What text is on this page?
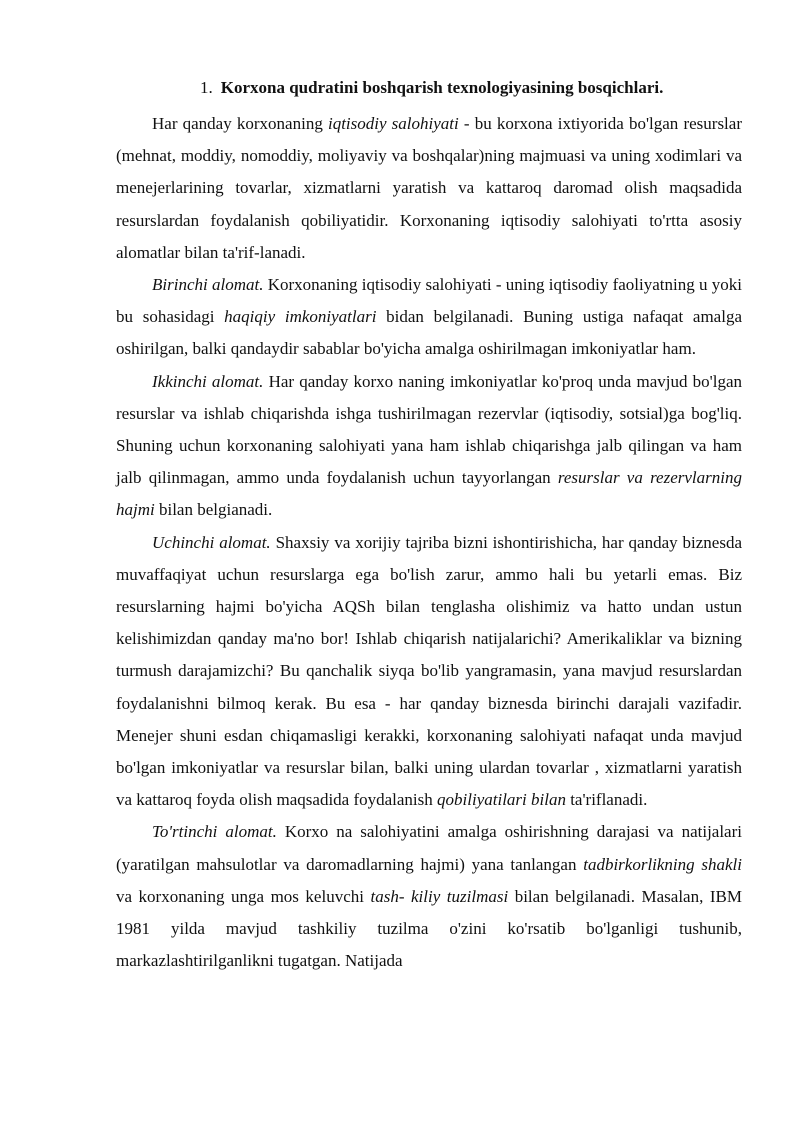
1. Korxona qudratini boshqarish texnologiyasining bosqichlari.

Har qanday korxonaning iqtisodiy salohiyati - bu korxona ixtiyorida bo'lgan resurslar (mehnat, moddiy, nomoddiy, moliyaviy va boshqalar)ning majmuasi va uning xodimlari va menejerlarining tovarlar, xizmatlarni yaratish va kattaroq daromad olish maqsadida resurslardan foydalanish qobiliyatidir. Korxonaning iqtisodiy salohiyati to'rtta asosiy alomatlar bilan ta'rif-lanadi.

Birinchi alomat. Korxonaning iqtisodiy salohiyati - uning iqtisodiy faoliyatning u yoki bu sohasidagi haqiqiy imkoniyatlari bidan belgilanadi. Buning ustiga nafaqat amalga oshirilgan, balki qandaydir sabablar bo'yicha amalga oshirilmagan imkoniyatlar ham.

Ikkinchi alomat. Har qanday korxo naning imkoniyatlar ko'proq unda mavjud bo'lgan resurslar va ishlab chiqarishda ishga tushirilmagan rezervlar (iqtisodiy, sotsial)ga bog'liq. Shuning uchun korxonaning salohiyati yana ham ishlab chiqarishga jalb qilingan va ham jalb qilinmagan, ammo unda foydalanish uchun tayyorlangan resurslar va rezervlarning hajmi bilan belgianadi.

Uchinchi alomat. Shaxsiy va xorijiy tajriba bizni ishontirishicha, har qanday biznesda muvaffaqiyat uchun resurslarga ega bo'lish zarur, ammo hali bu yetarli emas. Biz resurslarning hajmi bo'yicha AQSh bilan tenglasha olishimiz va hatto undan ustun kelishimizdan qanday ma'no bor! Ishlab chiqarish natijalarichi? Amerikaliklar va bizning turmush darajamizchi? Bu qanchalik siyqa bo'lib yangramasin, yana mavjud resurslardan foydalanishni bilmoq kerak. Bu esa - har qanday biznesda birinchi darajali vazifadir. Menejer shuni esdan chiqamasligi kerakki, korxonaning salohiyati nafaqat unda mavjud bo'lgan imkoniyatlar va resurslar bilan, balki uning ulardan tovarlar , xizmatlarni yaratish va kattaroq foyda olish maqsadida foydalanish qobiliyatilari bilan ta'riflanadi.

To'rtinchi alomat. Korxo na salohiyatini amalga oshirishning darajasi va natijalari (yaratilgan mahsulotlar va daromadlarning hajmi) yana tanlangan tadbirkorlikning shakli va korxonaning unga mos keluvchi tash- kiliy tuzilmasi bilan belgilanadi. Masalan, IBM 1981 yilda mavjud tashkiliy tuzilma o'zini ko'rsatib bo'lganligi tushunib, markazlashtirilganlikni tugatgan. Natijada
